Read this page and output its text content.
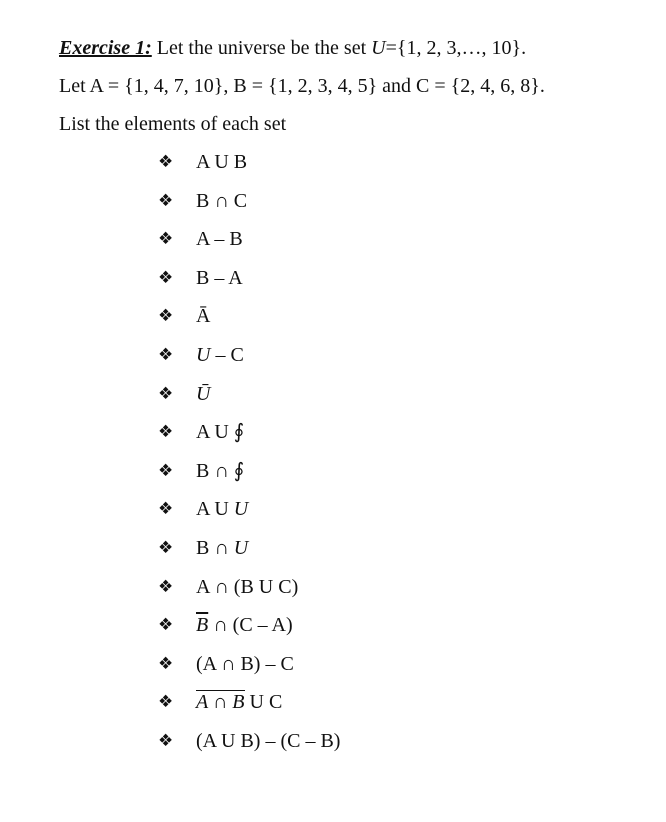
Exercise 1: Let the universe be the set U={1, 2, 3,…, 10}.
Let A = {1, 4, 7, 10}, B = {1, 2, 3, 4, 5} and C = {2, 4, 6, 8}.
List the elements of each set
❖	A U B
❖	B ∩ C
❖	A – B
❖	B – A
❖	Ā
❖	U – C
❖	Ū
❖	A U ∮
❖	B ∩ ∮
❖	A U U
❖	B ∩ U
❖	A ∩ (B U C)
❖	$\overline{B}$ ∩ (C – A)
❖	(A ∩ B) – C
❖	A ∩ B U C
❖	(A U B) – (C – B)
